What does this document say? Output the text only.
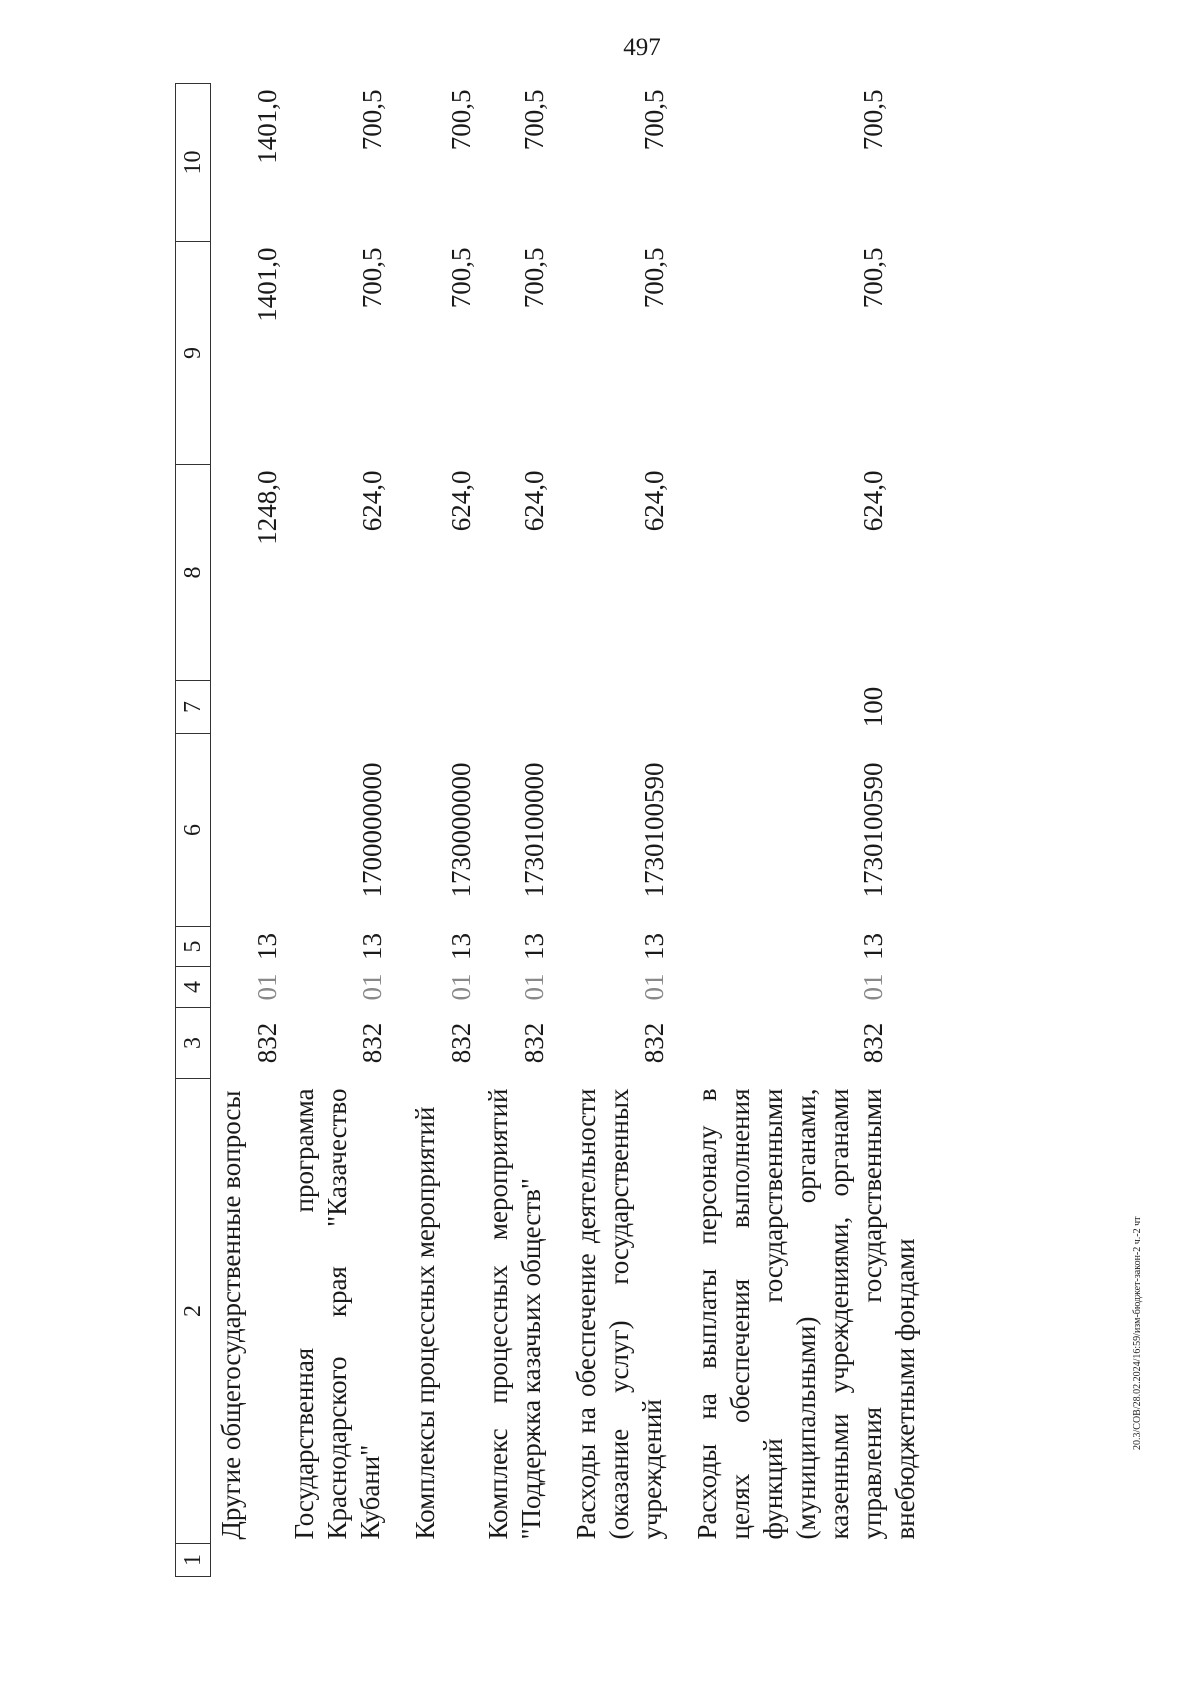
497
1	2	3	4	5	6	7	8	9	10
	Другие общегосударственные вопросы	832	01	13			1248,0	1401,0	1401,0
	Государственная программа Краснодарского края "Казачество Кубани"	832	01	13	1700000000		624,0	700,5	700,5
	Комплексы процессных мероприятий	832	01	13	1730000000		624,0	700,5	700,5
	Комплекс процессных мероприятий "Поддержка казачьих обществ"	832	01	13	1730100000		624,0	700,5	700,5
	Расходы на обеспечение деятельности (оказание услуг) государственных учреждений	832	01	13	1730100590		624,0	700,5	700,5
	Расходы на выплаты персоналу в целях обеспечения выполнения функций государственными (муниципальными) органами, казенными учреждениями, органами управления государственными внебюджетными фондами	832	01	13	1730100590	100	624,0	700,5	700,5
20.3/СОВ/28.02.2024/16:59/изм-бюджет-закон-2 ч.-2 чт
